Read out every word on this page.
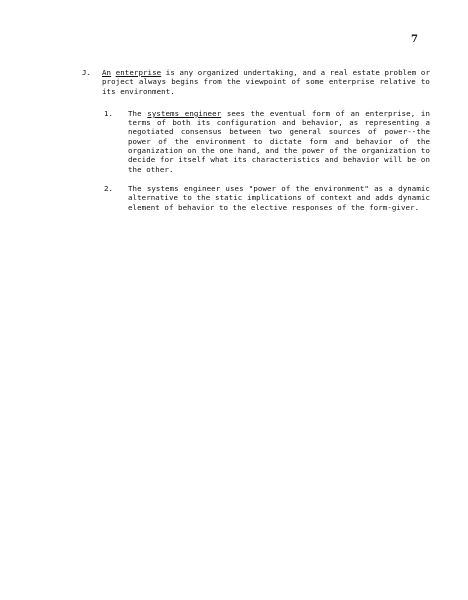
7
J.	An enterprise is any organized undertaking, and a real estate problem or project always begins from the viewpoint of some enterprise relative to its environment.
1.	The systems engineer sees the eventual form of an enterprise, in terms of both its configuration and behavior, as representing a negotiated consensus between two general sources of power--the power of the environment to dictate form and behavior of the organization on the one hand, and the power of the organization to decide for itself what its characteristics and behavior will be on the other.
2.	The systems engineer uses "power of the environment" as a dynamic alternative to the static implications of context and adds dynamic element of behavior to the elective responses of the form-giver.
